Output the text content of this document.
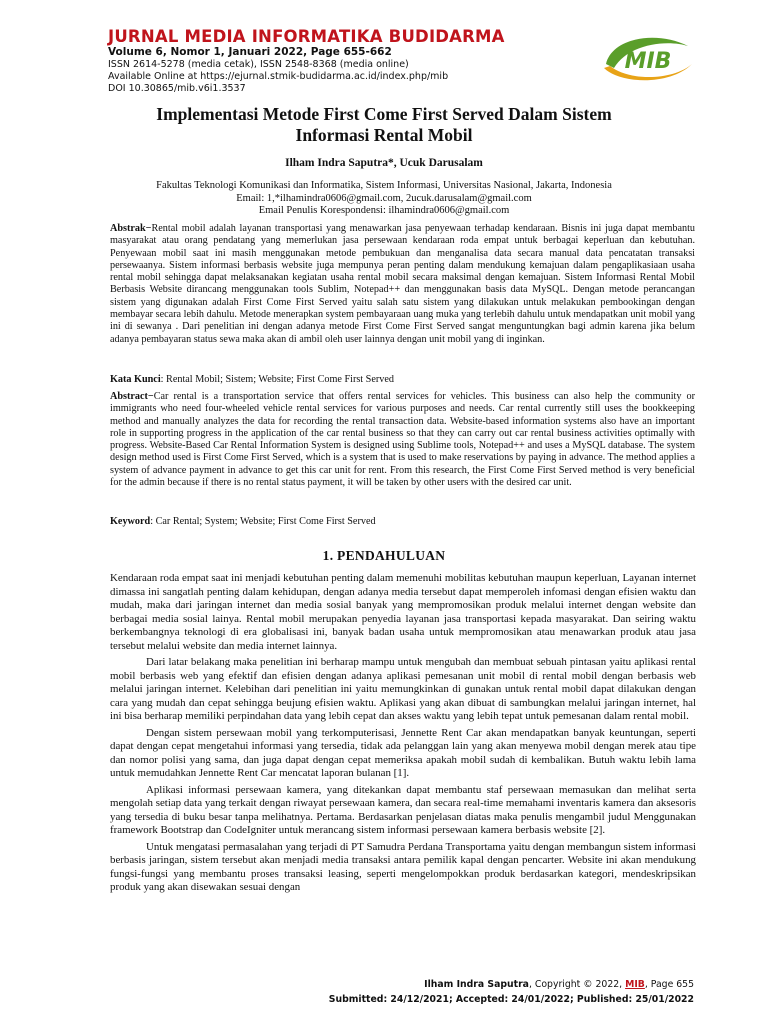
JURNAL MEDIA INFORMATIKA BUDIDARMA
Volume 6, Nomor 1, Januari 2022, Page 655-662
ISSN 2614-5278 (media cetak), ISSN 2548-8368 (media online)
Available Online at https://ejurnal.stmik-budidarma.ac.id/index.php/mib
DOI 10.30865/mib.v6i1.3537
MIB
Implementasi Metode First Come First Served Dalam Sistem
Informasi Rental Mobil
Ilham Indra Saputra*, Ucuk Darusalam
Fakultas Teknologi Komunikasi dan Informatika, Sistem Informasi, Universitas Nasional, Jakarta, Indonesia
Email: 1,*ilhamindra0606@gmail.com, 2ucuk.darusalam@gmail.com
Email Penulis Korespondensi: ilhamindra0606@gmail.com
Abstrak−Rental mobil adalah layanan transportasi yang menawarkan jasa penyewaan terhadap kendaraan. Bisnis ini juga dapat membantu masyarakat atau orang pendatang yang memerlukan jasa persewaan kendaraan roda empat untuk berbagai keperluan dan kebutuhan. Penyewaan mobil saat ini masih menggunakan metode pembukuan dan menganalisa data secara manual data pencatatan transaksi persewaanya. Sistem informasi berbasis website juga mempunya peran penting dalam mendukung kemajuan dalam pengaplikasiaan usaha rental mobil sehingga dapat melaksanakan kegiatan usaha rental mobil secara maksimal dengan kemajuan. Sistem Informasi Rental Mobil Berbasis Website dirancang menggunakan tools Sublim, Notepad++ dan menggunakan basis data MySQL. Dengan metode perancangan sistem yang digunakan adalah First Come First Served yaitu salah satu sistem yang dilakukan untuk melakukan pembookingan dengan membayar secara lebih dahulu. Metode menerapkan system pembayaraan uang muka yang terlebih dahulu untuk mendapatkan unit mobil yang ini di sewanya . Dari penelitian ini dengan adanya metode First Come First Served sangat menguntungkan bagi admin karena jika belum adanya pembayaran status sewa maka akan di ambil oleh user lainnya dengan unit mobil yang di inginkan.
Kata Kunci: Rental Mobil; Sistem; Website; First Come First Served
Abstract−Car rental is a transportation service that offers rental services for vehicles. This business can also help the community or immigrants who need four-wheeled vehicle rental services for various purposes and needs. Car rental currently still uses the bookkeeping method and manually analyzes the data for recording the rental transaction data. Website-based information systems also have an important role in supporting progress in the application of the car rental business so that they can carry out car rental business activities optimally with progress. Website-Based Car Rental Information System is designed using Sublime tools, Notepad++ and uses a MySQL database. The system design method used is First Come First Served, which is a system that is used to make reservations by paying in advance. The method applies a system of advance payment in advance to get this car unit for rent. From this research, the First Come First Served method is very beneficial for the admin because if there is no rental status payment, it will be taken by other users with the desired car unit.
Keyword: Car Rental; System; Website; First Come First Served
1. PENDAHULUAN

Kendaraan roda empat saat ini menjadi kebutuhan penting dalam memenuhi mobilitas kebutuhan maupun keperluan, Layanan internet dimassa ini sangatlah penting dalam kehidupan, dengan adanya media tersebut dapat memperoleh infomasi dengan efisien waktu dan mudah, maka dari jaringan internet dan media sosial banyak yang mempromosikan produk melalui internet dengan website dan berbagai media sosial lainya. Rental mobil merupakan penyedia layanan jasa transportasi kepada masyarakat. Dan seiring waktu berkembangnya teknologi di era globalisasi ini, banyak badan usaha untuk mempromosikan atau menawarkan produk atau jasa tersebut melalui website dan media internet lainnya.

Dari latar belakang maka penelitian ini berharap mampu untuk mengubah dan membuat sebuah pintasan yaitu aplikasi rental mobil berbasis web yang efektif dan efisien dengan adanya aplikasi pemesanan unit mobil di rental mobil dengan berbasis web melalui jaringan internet. Kelebihan dari penelitian ini yaitu memungkinkan di gunakan untuk rental mobil dapat dilakukan dengan cara yang mudah dan cepat sehingga beujung efisien waktu. Aplikasi yang akan dibuat di sambungkan melalui jaringan internet, hal ini bisa berharap memiliki perpindahan data yang lebih cepat dan akses waktu yang lebih tepat untuk pemesanan dalam rental mobil.

Dengan sistem persewaan mobil yang terkomputerisasi, Jennette Rent Car akan mendapatkan banyak keuntungan, seperti dapat dengan cepat mengetahui informasi yang tersedia, tidak ada pelanggan lain yang akan menyewa mobil dengan merek atau tipe dan nomor polisi yang sama, dan juga dapat dengan cepat memeriksa apakah mobil sudah di kembalikan. Butuh waktu lebih lama untuk memudahkan Jennette Rent Car mencatat laporan bulanan [1].

Aplikasi informasi persewaan kamera, yang ditekankan dapat membantu staf persewaan memasukan dan melihat serta mengolah setiap data yang terkait dengan riwayat persewaan kamera, dan secara real-time memahami inventaris kamera dan aksesoris yang tersedia di buku besar tanpa melihatnya. Pertama. Berdasarkan penjelasan diatas maka penulis mengambil judul Menggunakan framework Bootstrap dan CodeIgniter untuk merancang sistem informasi persewaan kamera berbasis website [2].

Untuk mengatasi permasalahan yang terjadi di PT Samudra Perdana Transportama yaitu dengan membangun sistem informasi berbasis jaringan, sistem tersebut akan menjadi media transaksi antara pemilik kapal dengan pencarter. Website ini akan mendukung fungsi-fungsi yang membantu proses transaksi leasing, seperti mengelompokkan produk berdasarkan kategori, mendeskripsikan produk yang akan disewakan sesuai dengan

Ilham Indra Saputra, Copyright © 2022, MIB, Page 655
Submitted: 24/12/2021; Accepted: 24/01/2022; Published: 25/01/2022
